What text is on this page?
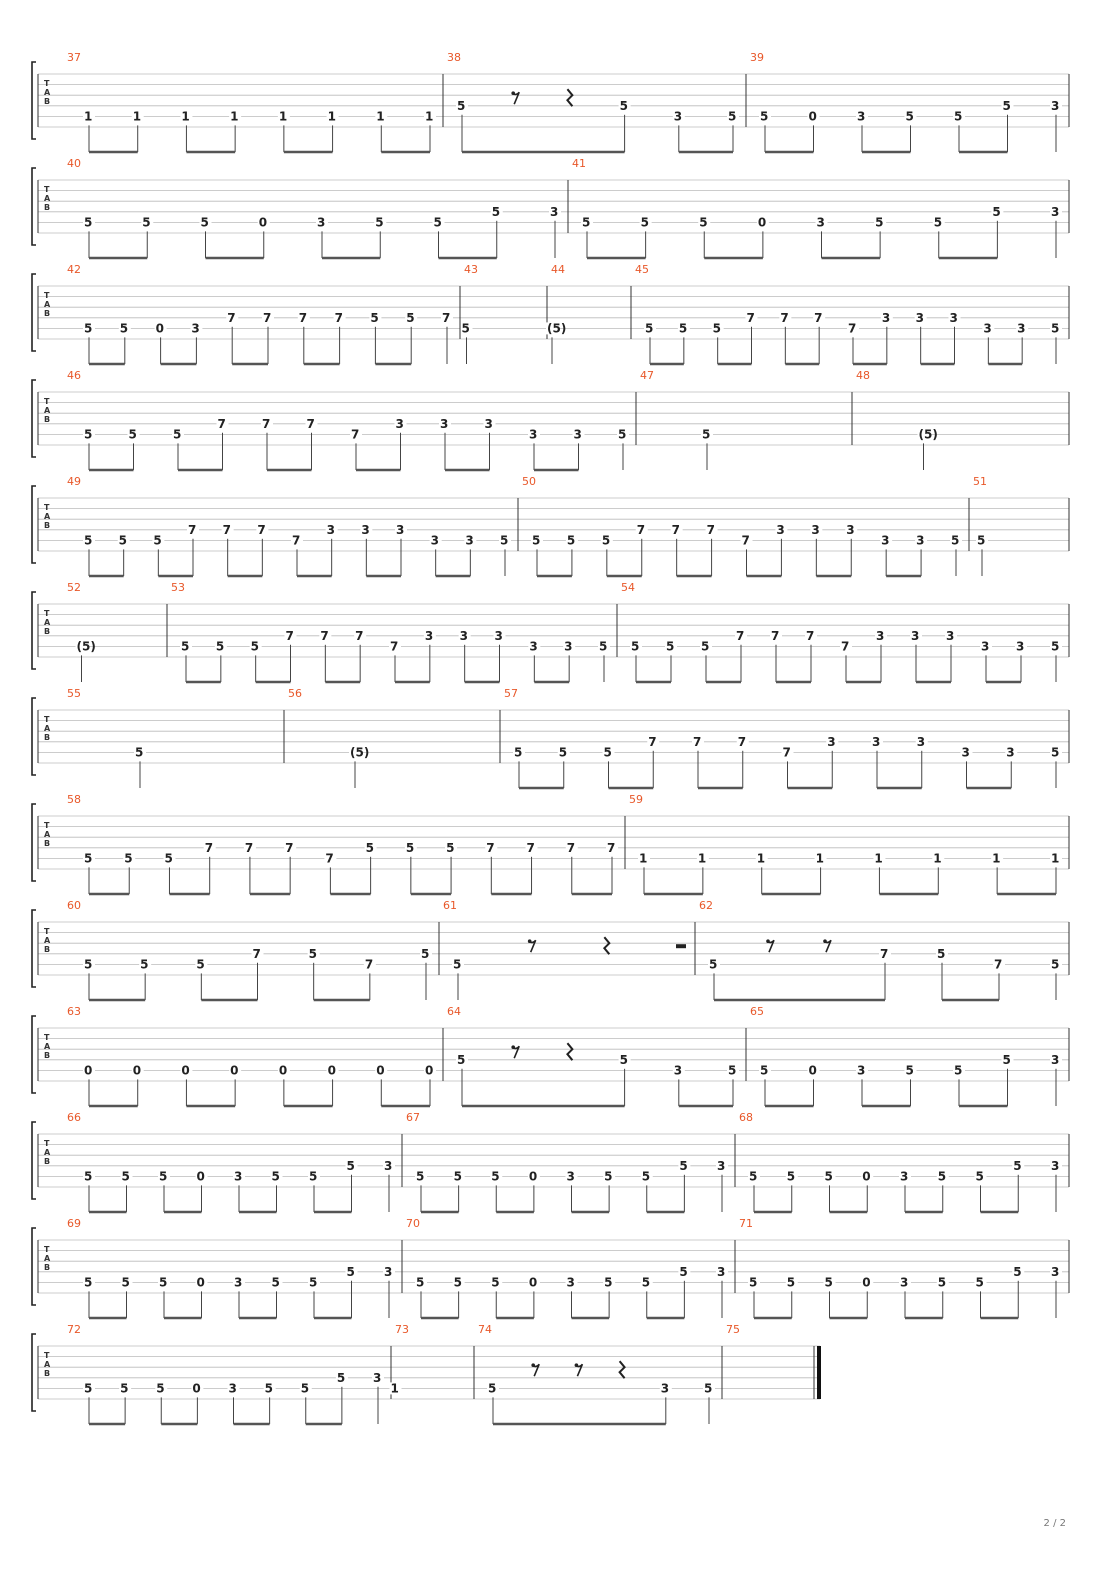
T
A
B
37
1	1	1	1	1	1	1	1
38
5	5
3	5
39
5	0	3	5	5
5	3
T
A
B
40
5	5	5	0	3	5	5
5	3
41
5	5	5	0	3	5	5
5	3
T
A
B
42
5 5 0 3
7 7 7 7 5 5 7
43
5
44
(5)
45
5 5 5
7 7 7
7
3 3 3
3 3 5
T
A
B
46
5	5	5
7	7	7
7
3	3	3
3	3	5
47
5
48
(5)
T
A
B
49
5 5 5
7 7 7
7
3 3 3
3 3 5
50
5 5 5
7 7 7
7
3 3 3
3 3 5
51
5
T
A
B
52
(5)
53
5 5 5
7 7 7
7
3 3 3
3 3 5
54
5 5 5
7 7 7
7
3 3 3
3 3 5
T
A
B
55
5
56
(5)
57
5	5	5
7	7	7
7
3	3	3
3	3	5
T
A
B
58
5	5	5
7	7	7
7
5	5	5	7	7	7	7
59
1	1	1	1	1	1	1	1
T
A
B
60
5	5	5
7	5
7
5
61
5
62
5
7	5
7	5
T
A
B
63
0	0	0	0	0	0	0	0
64
5	5
3	5
65
5	0	3	5	5
5	3
T
A
B
66
5 5 5 0 3 5 5
5 3
67
5 5 5 0 3 5 5
5 3
68
5 5 5 0 3 5 5
5 3
T
A
B
69
5 5 5 0 3 5 5
5 3
70
5 5 5 0 3 5 5
5 3
71
5 5 5 0 3 5 5
5 3
T
A
B
72
5 5 5 0 3 5 5
5 3
73
1
74
5	3	5
75
2 / 2
